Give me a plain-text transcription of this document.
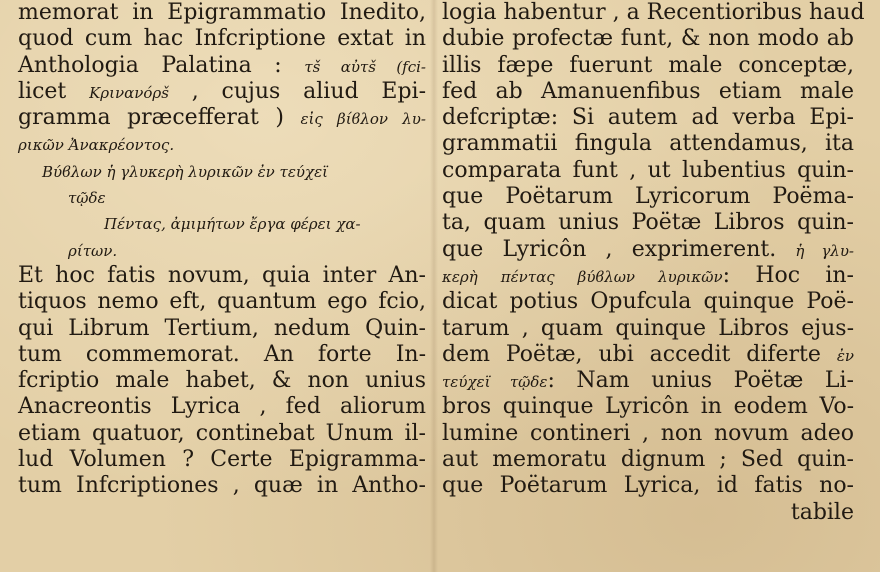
memorat in Epigrammatio Inedito,
quod cum hac Infcriptione extat in
Anthologia Palatina : τš αὐτš (fci-
licet Κρινανόρš , cujus aliud Epi-
gramma præcefferat ) εἰς βίϐλον λυ-
ρικῶν Ἀνακρέοντος.
Βύϐλων ἡ γλυκερὴ λυρικῶν ἐν τεύχεϊ
τῷδε
Πέντας, ἀμιμήτων ἔργα φέρει χα-
ρίτων.
Et hoc fatis novum, quia inter An-
tiquos nemo eft, quantum ego fcio,
qui Librum Tertium, nedum Quin-
tum commemorat. An forte In-
fcriptio male habet, & non unius
Anacreontis Lyrica , fed aliorum
etiam quatuor, continebat Unum il-
lud Volumen ? Certe Epigramma-
tum Infcriptiones , quæ in Antho-
logia habentur , a Recentioribus haud
dubie profectæ funt, & non modo ab
illis fæpe fuerunt male conceptæ,
fed ab Amanuenfibus etiam male
defcriptæ: Si autem ad verba Epi-
grammatii fingula attendamus, ita
comparata funt , ut lubentius quin-
que Poëtarum Lyricorum Poëma-
ta, quam unius Poëtæ Libros quin-
que Lyricôn , exprimerent. ἡ γλυ-
κερὴ πέντας βύϐλων λυρικῶν: Hoc in-
dicat potius Opufcula quinque Poë-
tarum , quam quinque Libros ejus-
dem Poëtæ, ubi accedit diferte ἐν
τεύχεϊ τῷδε: Nam unius Poëtæ Li-
bros quinque Lyricôn in eodem Vo-
lumine contineri , non novum adeo
aut memoratu dignum ; Sed quin-
que Poëtarum Lyrica, id fatis no-
tabile
